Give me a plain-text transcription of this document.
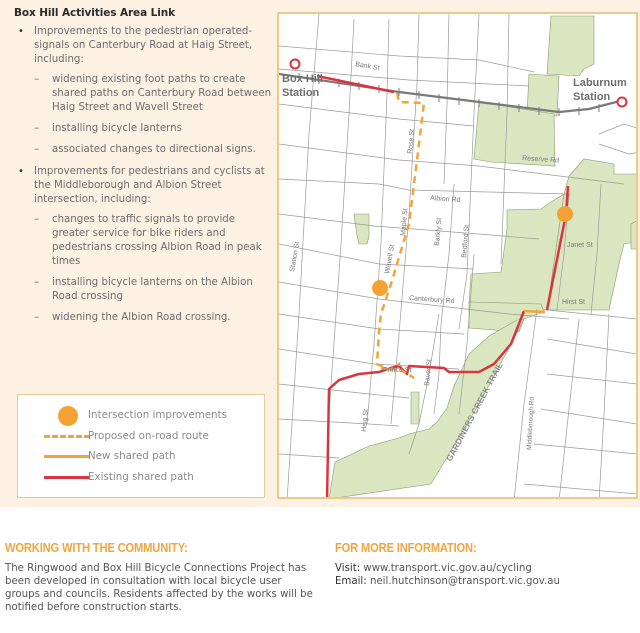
Box Hill Activities Area Link
• Improvements to the pedestrian operated-signals on Canterbury Road at Haig Street, including:
– widening existing foot paths to create shared paths on Canterbury Road between Haig Street and Wavell Street
– installing bicycle lanterns
– associated changes to directional signs.
• Improvements for pedestrians and cyclists at the Middleborough and Albion Street intersection, including:
– changes to traffic signals to provide greater service for bike riders and pedestrians crossing Albion Road in peak times
– installing bicycle lanterns on the Albion Road crossing
– widening the Albion Road crossing.
Intersection improvements
Proposed on-road route
New shared path
Existing shared path
Box Hill
Station
Laburnum
Station
Bank St
Rose St
Reserve Rd
Albion Rd
Maple St	Barkly St	Bedford St
Station St	Wavell St
Canterbury Rd
Janet St
Hirst St
Prince St Baver St
Haig St	Middleborough Rd
GARDINERS CREEK TRAIL
WORKING WITH THE COMMUNITY:
The Ringwood and Box Hill Bicycle Connections Project has been developed in consultation with local bicycle user groups and councils. Residents affected by the works will be notified before construction starts.
FOR MORE INFORMATION:
Visit: www.transport.vic.gov.au/cycling
Email: neil.hutchinson@transport.vic.gov.au
